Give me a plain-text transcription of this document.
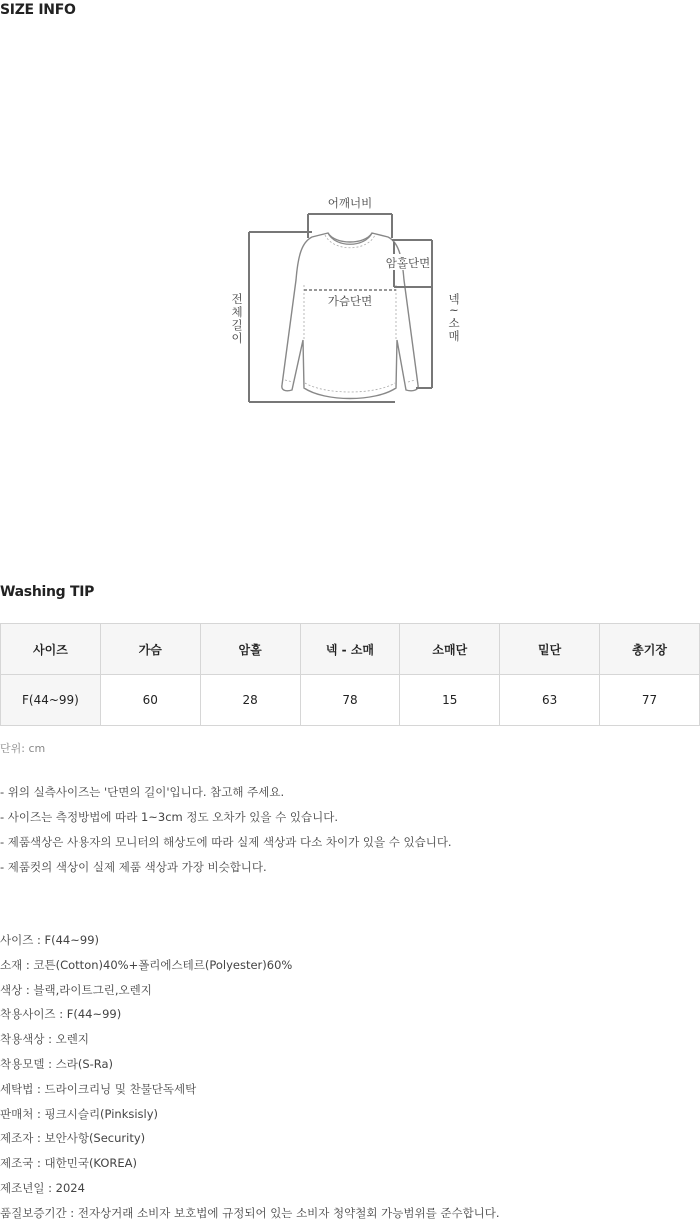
SIZE INFO
어깨너비
암홀단면
가슴단면
전
체
길
이
넥
~
소
매
Washing TIP
사이즈	가슴	암홀	넥 - 소매	소매단	밑단	총기장
F(44~99)	60	28	78	15	63	77
단위: cm
- 위의 실측사이즈는 '단면의 길이'입니다. 참고해 주세요.
- 사이즈는 측정방법에 따라 1~3cm 정도 오차가 있을 수 있습니다.
- 제품색상은 사용자의 모니터의 해상도에 따라 실제 색상과 다소 차이가 있을 수 있습니다.
- 제품컷의 색상이 실제 제품 색상과 가장 비슷합니다.
사이즈 : F(44~99)
소재 : 코튼(Cotton)40%+폴리에스테르(Polyester)60%
색상 : 블랙,라이트그린,오렌지
착용사이즈 : F(44~99)
착용색상 : 오렌지
착용모델 : 스라(S-Ra)
세탁법 : 드라이크리닝 및 찬물단독세탁
판매처 : 핑크시슬리(Pinksisly)
제조자 : 보안사항(Security)
제조국 : 대한민국(KOREA)
제조년일 : 2024
품질보증기간 : 전자상거래 소비자 보호법에 규정되어 있는 소비자 청약철회 가능범위를 준수합니다.
